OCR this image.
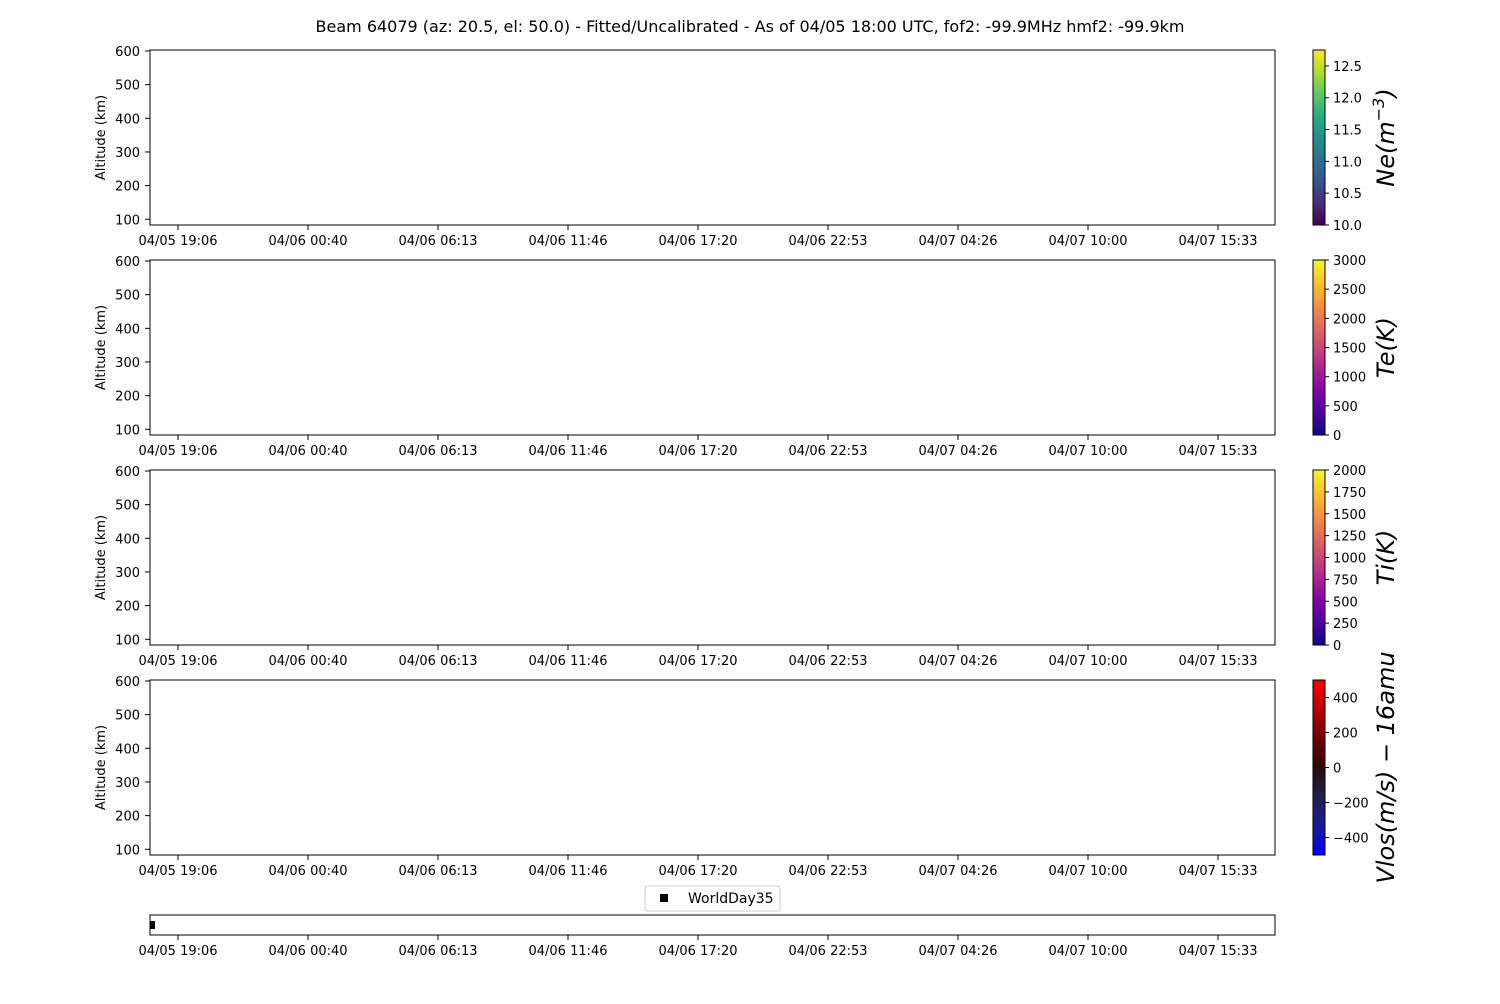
Beam 64079 (az: 20.5, el: 50.0) - Fitted/Uncalibrated - As of 04/05 18:00 UTC, fof2: -99.9MHz hmf2: -99.9km
100
200
300
400
500
600
Altitude (km)
04/05 19:06	04/06 00:40	04/06 06:13	04/06 11:46	04/06 17:20	04/06 22:53	04/07 04:26	04/07 10:00	04/07 15:33
10.0
10.5
11.0
11.5
12.0
12.5
$Ne(m^{-3})$
100
200
300
400
500
600
Altitude (km)
04/05 19:06	04/06 00:40	04/06 06:13	04/06 11:46	04/06 17:20	04/06 22:53	04/07 04:26	04/07 10:00	04/07 15:33
0
500
1000
1500
2000
2500
3000
Te(K)
100
200
300
400
500
600
Altitude (km)
04/05 19:06	04/06 00:40	04/06 06:13	04/06 11:46	04/06 17:20	04/06 22:53	04/07 04:26	04/07 10:00	04/07 15:33
0
250
500
750
1000
1250
1500
1750
2000
Ti(K)
100
200
300
400
500
600
Altitude (km)
04/05 19:06	04/06 00:40	04/06 06:13	04/06 11:46	04/06 17:20	04/06 22:53	04/07 04:26	04/07 10:00	04/07 15:33
−400
−200
0
200
400 Vlos(m/s) − 16amu
04/05 19:06	04/06 00:40	04/06 06:13	04/06 11:46	04/06 17:20	04/06 22:53	04/07 04:26	04/07 10:00	04/07 15:33
WorldDay35
